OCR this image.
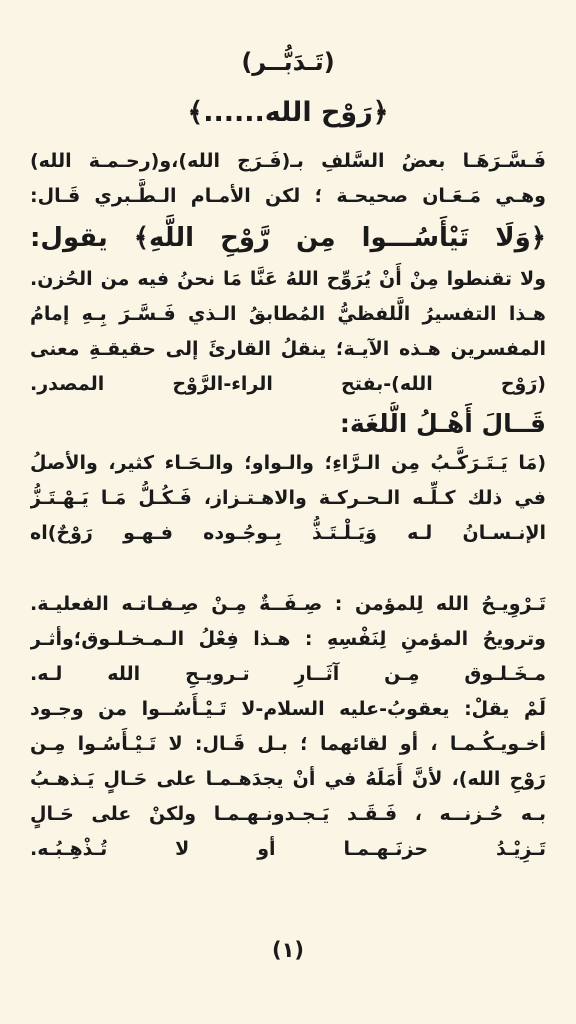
(تَـدَبُّــر)
﴿رَوْح الله......﴾
فَـسَّـرَهَـا بعضُ السَّلفِ بـ(فَـرَج الله)،و(رحـمـة الله)
وهـي مَـعَـان صحيحـة ؛ لكن الأمـام الـطَّـبري قَـال:
﴿وَلَا تَيْأَسُـــوا مِن رَّوْحِ اللَّهِ﴾ يقول:
ولا تقنطوا مِنْ أَنْ يُرَوِّح اللهُ عَنَّا مَا نحنُ فيه من الحُزن.
هـذا التفسيرُ الَّلفظيُّ المُطابقُ الـذي فَـسَّـرَ بِـهِ إمامُ
المفسرين هـذه الآيـة؛ ينقلُ القارئَ إلى حقيقـةِ معنى
(رَوْح الله)-بفتح الراء-الرَّوْح المصدر.
قَــالَ أَهْـلُ الُّلغَة:
(مَا يَـتَـرَكَّـبُ مِن الـرَّاءِ؛ والـواو؛ والـحَـاء كثير، والأصلُ
في ذلك كـلِّـه الـحـركـة والاهـتـزاز، فَـكُـلُّ مَـا يَـهْـتَـزُّ
الإنـسـانُ لـه وَيَـلْـتَـذُّ بِـوجُـوده فـهـو رَوْحٌ)اه
تَـرْوِيـحُ الله لِلمؤمن : صِـفَــةٌ مِـنْ صِـفـاتـه الفعليـة.
وترويحُ المؤمنِ لِنَفْسِهِ : هـذا فِعْلُ الـمـخـلـوق؛وأثـر
مـخَـلـوق مِـن آثَــارِ تـرويـحِ الله لـه.
لَمْ يقلْ: يعقوبُ-عليه السلام-لا تَـيْـأَسُــوا من وجـود
أخـويـكُـمـا ، أو لقائهما ؛ بـل قَـال: لا تَـيْـأَسُـوا مِـن
رَوْحِ الله)، لأنَّ أَمَلَهُ في أنْ يجدَهـمـا على حَـالٍ يَـذهـبُ
بـه حُـزنــه ، فَـقَـد يَـجـدونـهـمـا ولكنْ على حَـالٍ
تَـزِيْـدُ حزنَـهـمـا أو لا تُـذْهِـبُـه.
(١)
